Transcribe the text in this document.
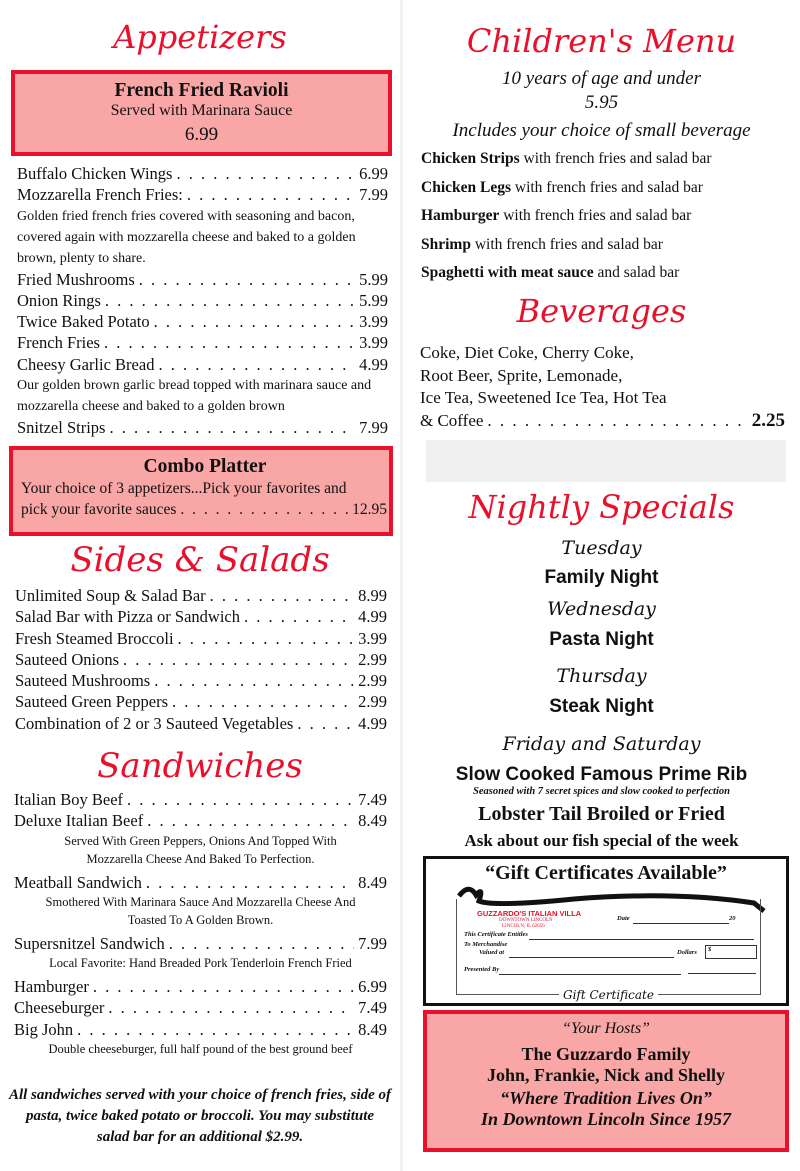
Appetizers
French Fried Ravioli
Served with Marinara Sauce
6.99
Buffalo Chicken Wings . . .	6.99
Mozzarella French Fries: . . .	7.99
Golden fried french fries covered with seasoning and bacon, covered again with mozzarella cheese and baked to a golden brown, plenty to share.
Fried Mushrooms . . .	5.99
Onion Rings . . .	5.99
Twice Baked Potato . . .	3.99
French Fries . . .	3.99
Cheesy Garlic Bread . . .	4.99
Our golden brown garlic bread topped with marinara sauce and mozzarella cheese and baked to a golden brown
Snitzel Strips . . .	7.99
Combo Platter
Your choice of 3 appetizers...Pick your favorites and
pick your favorite sauces . . .	12.95
Sides & Salads
Unlimited Soup & Salad Bar . . .	8.99
Salad Bar with Pizza or Sandwich . . .	4.99
Fresh Steamed Broccoli . . .	3.99
Sauteed Onions . . .	2.99
Sauteed Mushrooms . . .	2.99
Sauteed Green Peppers . . .	2.99
Combination of 2 or 3 Sauteed Vegetables . . .	4.99
Sandwiches
Italian Boy Beef . . .	7.49
Deluxe Italian Beef . . .	8.49
Served With Green Peppers, Onions And Topped With Mozzarella Cheese And Baked To Perfection.
Meatball Sandwich . . .	8.49
Smothered With Marinara Sauce And Mozzarella Cheese And Toasted To A Golden Brown.
Supersnitzel Sandwich . . .	7.99
Local Favorite: Hand Breaded Pork Tenderloin French Fried
Hamburger . . .	6.99
Cheeseburger . . .	7.49
Big John . . .	8.49
Double cheeseburger, full half pound of the best ground beef
All sandwiches served with your choice of french fries, side of pasta, twice baked potato or broccoli. You may substitute salad bar for an additional $2.99.
Children's Menu
10 years of age and under
5.95
Includes your choice of small beverage
Chicken Strips with french fries and salad bar
Chicken Legs with french fries and salad bar
Hamburger with french fries and salad bar
Shrimp with french fries and salad bar
Spaghetti with meat sauce and salad bar
Beverages
Coke, Diet Coke, Cherry Coke,
Root Beer, Sprite, Lemonade,
Ice Tea, Sweetened Ice Tea, Hot Tea
& Coffee . . .	2.25
Nightly Specials
Tuesday
Family Night
Wednesday
Pasta Night
Thursday
Steak Night
Friday and Saturday
Slow Cooked Famous Prime Rib
Seasoned with 7 secret spices and slow cooked to perfection
Lobster Tail Broiled or Fried
Ask about our fish special of the week
“Gift Certificates Available”
GUZZARDO'S ITALIAN VILLA
DOWNTOWN LINCOLN
LINCOLN, IL 62656
Date	20
This Certificate Entitles
To Merchandise
Valued at	Dollars	$
Presented By
Gift Certificate
“Your Hosts”
The Guzzardo Family
John, Frankie, Nick and Shelly
“Where Tradition Lives On”
In Downtown Lincoln Since 1957
